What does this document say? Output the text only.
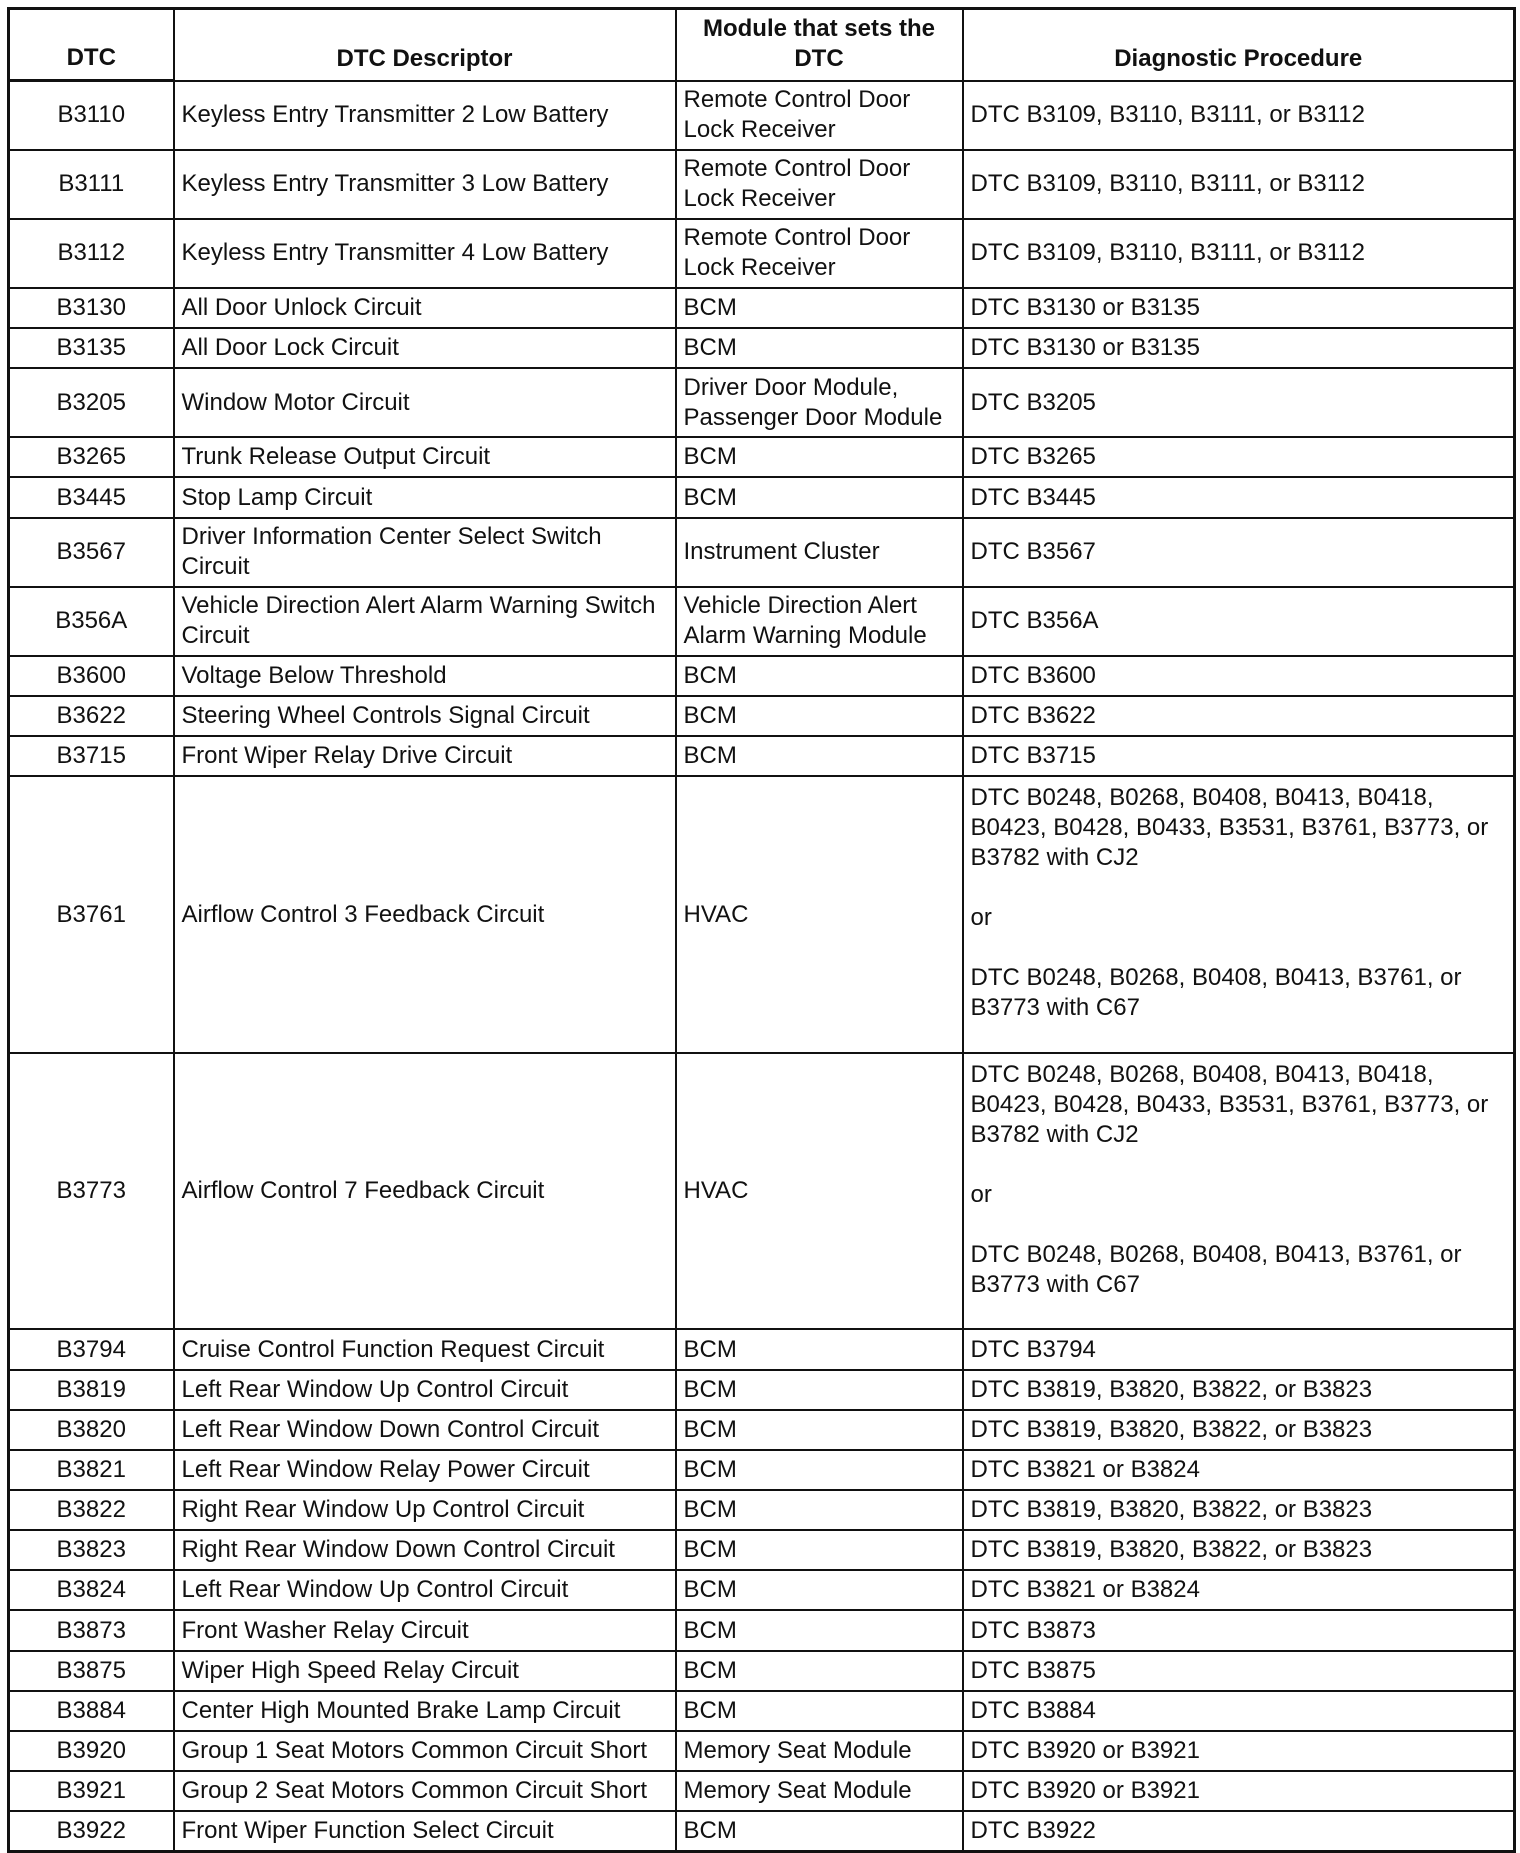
DTC	DTC Descriptor	Module that sets the DTC	Diagnostic Procedure
B3110	Keyless Entry Transmitter 2 Low Battery	Remote Control Door Lock Receiver	DTC B3109, B3110, B3111, or B3112
B3111	Keyless Entry Transmitter 3 Low Battery	Remote Control Door Lock Receiver	DTC B3109, B3110, B3111, or B3112
B3112	Keyless Entry Transmitter 4 Low Battery	Remote Control Door Lock Receiver	DTC B3109, B3110, B3111, or B3112
B3130	All Door Unlock Circuit	BCM	DTC B3130 or B3135
B3135	All Door Lock Circuit	BCM	DTC B3130 or B3135
B3205	Window Motor Circuit	Driver Door Module, Passenger Door Module	DTC B3205
B3265	Trunk Release Output Circuit	BCM	DTC B3265
B3445	Stop Lamp Circuit	BCM	DTC B3445
B3567	Driver Information Center Select Switch Circuit	Instrument Cluster	DTC B3567
B356A	Vehicle Direction Alert Alarm Warning Switch Circuit	Vehicle Direction Alert Alarm Warning Module	DTC B356A
B3600	Voltage Below Threshold	BCM	DTC B3600
B3622	Steering Wheel Controls Signal Circuit	BCM	DTC B3622
B3715	Front Wiper Relay Drive Circuit	BCM	DTC B3715
B3761	Airflow Control 3 Feedback Circuit	HVAC	DTC B0248, B0268, B0408, B0413, B0418, B0423, B0428, B0433, B3531, B3761, B3773, or B3782 with CJ2

or

DTC B0248, B0268, B0408, B0413, B3761, or B3773 with C67
B3773	Airflow Control 7 Feedback Circuit	HVAC	DTC B0248, B0268, B0408, B0413, B0418, B0423, B0428, B0433, B3531, B3761, B3773, or B3782 with CJ2

or

DTC B0248, B0268, B0408, B0413, B3761, or B3773 with C67
B3794	Cruise Control Function Request Circuit	BCM	DTC B3794
B3819	Left Rear Window Up Control Circuit	BCM	DTC B3819, B3820, B3822, or B3823
B3820	Left Rear Window Down Control Circuit	BCM	DTC B3819, B3820, B3822, or B3823
B3821	Left Rear Window Relay Power Circuit	BCM	DTC B3821 or B3824
B3822	Right Rear Window Up Control Circuit	BCM	DTC B3819, B3820, B3822, or B3823
B3823	Right Rear Window Down Control Circuit	BCM	DTC B3819, B3820, B3822, or B3823
B3824	Left Rear Window Up Control Circuit	BCM	DTC B3821 or B3824
B3873	Front Washer Relay Circuit	BCM	DTC B3873
B3875	Wiper High Speed Relay Circuit	BCM	DTC B3875
B3884	Center High Mounted Brake Lamp Circuit	BCM	DTC B3884
B3920	Group 1 Seat Motors Common Circuit Short	Memory Seat Module	DTC B3920 or B3921
B3921	Group 2 Seat Motors Common Circuit Short	Memory Seat Module	DTC B3920 or B3921
B3922	Front Wiper Function Select Circuit	BCM	DTC B3922
